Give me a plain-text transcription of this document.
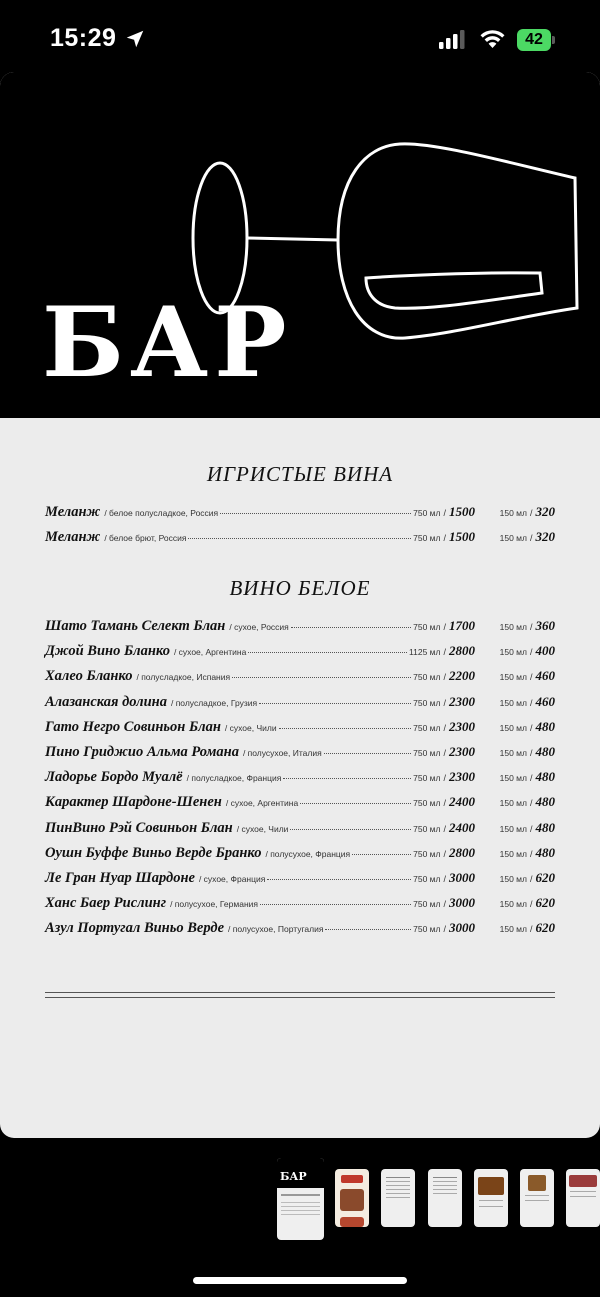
15:29	42
БАР
ИГРИСТЫЕ ВИНА
Меланж / белое полусладкое, Россия	750 мл / 1500	150 мл / 320
Меланж / белое брют, Россия	750 мл / 1500	150 мл / 320
ВИНО БЕЛОЕ
Шато Тамань Селект Блан / сухое, Россия	750 мл / 1700	150 мл / 360
Джой Вино Бланко / сухое, Аргентина	1125 мл / 2800	150 мл / 400
Халео Бланко / полусладкое, Испания	750 мл / 2200	150 мл / 460
Алазанская долина / полусладкое, Грузия	750 мл / 2300	150 мл / 460
Гато Негро Совиньон Блан / сухое, Чили	750 мл / 2300	150 мл / 480
Пино Гриджио Альма Романа / полусухое, Италия	750 мл / 2300	150 мл / 480
Ладорье Бордо Муалё / полусладкое, Франция	750 мл / 2300	150 мл / 480
Карактер Шардоне-Шенен / сухое, Аргентина	750 мл / 2400	150 мл / 480
ПинВино Рэй Совиньон Блан / сухое, Чили	750 мл / 2400	150 мл / 480
Оушн Буффе Виньо Верде Бранко / полусухое, Франция	750 мл / 2800	150 мл / 480
Ле Гран Нуар Шардоне / сухое, Франция	750 мл / 3000	150 мл / 620
Ханс Баер Рислинг / полусухое, Германия	750 мл / 3000	150 мл / 620
Азул Португал Виньо Верде / полусухое, Португалия	750 мл / 3000	150 мл / 620
БАР
